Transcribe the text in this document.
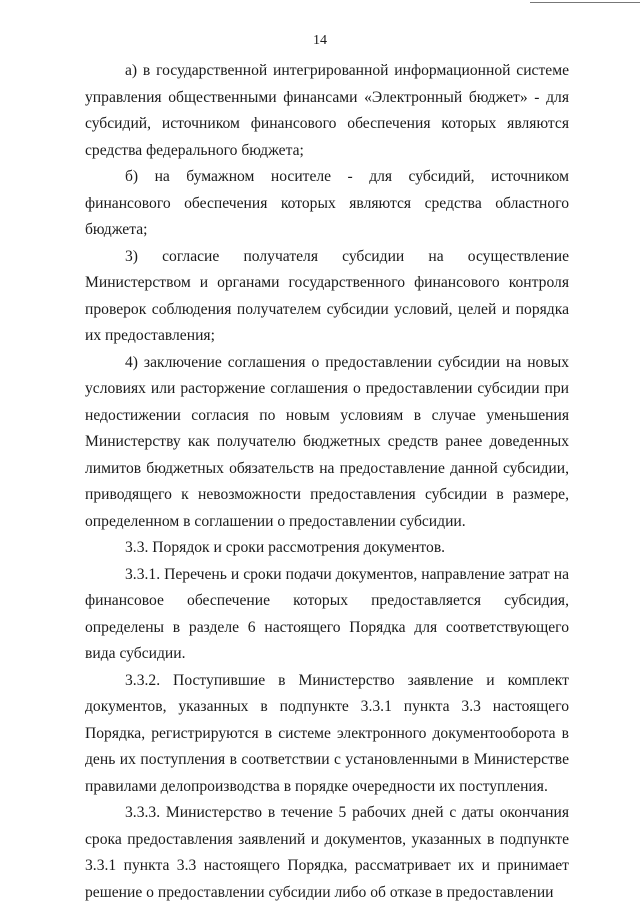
14

а) в государственной интегрированной информационной системе управления общественными финансами «Электронный бюджет» - для субсидий, источником финансового обеспечения которых являются средства федерального бюджета;

б) на бумажном носителе - для субсидий, источником финансового обеспечения которых являются средства областного бюджета;

3) согласие получателя субсидии на осуществление Министерством и органами государственного финансового контроля проверок соблюдения получателем субсидии условий, целей и порядка их предоставления;

4) заключение соглашения о предоставлении субсидии на новых условиях или расторжение соглашения о предоставлении субсидии при недостижении согласия по новым условиям в случае уменьшения Министерству как получателю бюджетных средств ранее доведенных лимитов бюджетных обязательств на предоставление данной субсидии, приводящего к невозможности предоставления субсидии в размере, определенном в соглашении о предоставлении субсидии.

3.3. Порядок и сроки рассмотрения документов.

3.3.1. Перечень и сроки подачи документов, направление затрат на финансовое обеспечение которых предоставляется субсидия, определены в разделе 6 настоящего Порядка для соответствующего вида субсидии.

3.3.2. Поступившие в Министерство заявление и комплект документов, указанных в подпункте 3.3.1 пункта 3.3 настоящего Порядка, регистрируются в системе электронного документооборота в день их поступления в соответствии с установленными в Министерстве правилами делопроизводства в порядке очередности их поступления.

3.3.3. Министерство в течение 5 рабочих дней с даты окончания срока предоставления заявлений и документов, указанных в подпункте 3.3.1 пункта 3.3 настоящего Порядка, рассматривает их и принимает решение о предоставлении субсидии либо об отказе в предоставлении
